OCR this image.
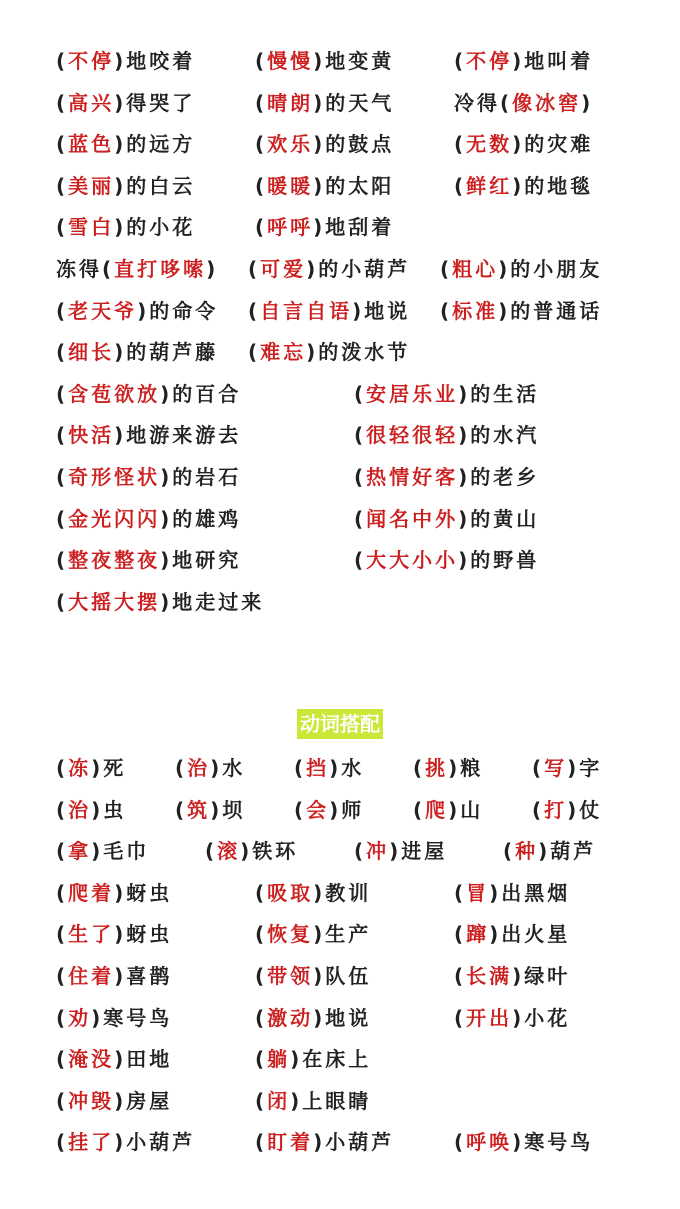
(不停)地咬着	(慢慢)地变黄	(不停)地叫着
(高兴)得哭了	(晴朗)的天气	冷得(像冰窖)
(蓝色)的远方	(欢乐)的鼓点	(无数)的灾难
(美丽)的白云	(暖暖)的太阳	(鲜红)的地毯
(雪白)的小花	(呼呼)地刮着
冻得(直打哆嗦) (可爱)的小葫芦 (粗心)的小朋友
(老天爷)的命令 (自言自语)地说 (标准)的普通话
(细长)的葫芦藤 (难忘)的泼水节
(含苞欲放)的百合	(安居乐业)的生活
(快活)地游来游去	(很轻很轻)的水汽
(奇形怪状)的岩石	(热情好客)的老乡
(金光闪闪)的雄鸡	(闻名中外)的黄山
(整夜整夜)地研究	(大大小小)的野兽
(大摇大摆)地走过来
动词搭配
(冻)死 (治)水 (挡)水 (挑)粮 (写)字
(治)虫 (筑)坝 (会)师 (爬)山 (打)仗
(拿)毛巾	(滚)铁环	(冲)进屋	(种)葫芦
(爬着)蚜虫	(吸取)教训	(冒)出黑烟
(生了)蚜虫	(恢复)生产	(蹿)出火星
(住着)喜鹊	(带领)队伍	(长满)绿叶
(劝)寒号鸟	(激动)地说	(开出)小花
(淹没)田地	(躺)在床上
(冲毁)房屋	(闭)上眼睛
(挂了)小葫芦	(盯着)小葫芦	(呼唤)寒号鸟
